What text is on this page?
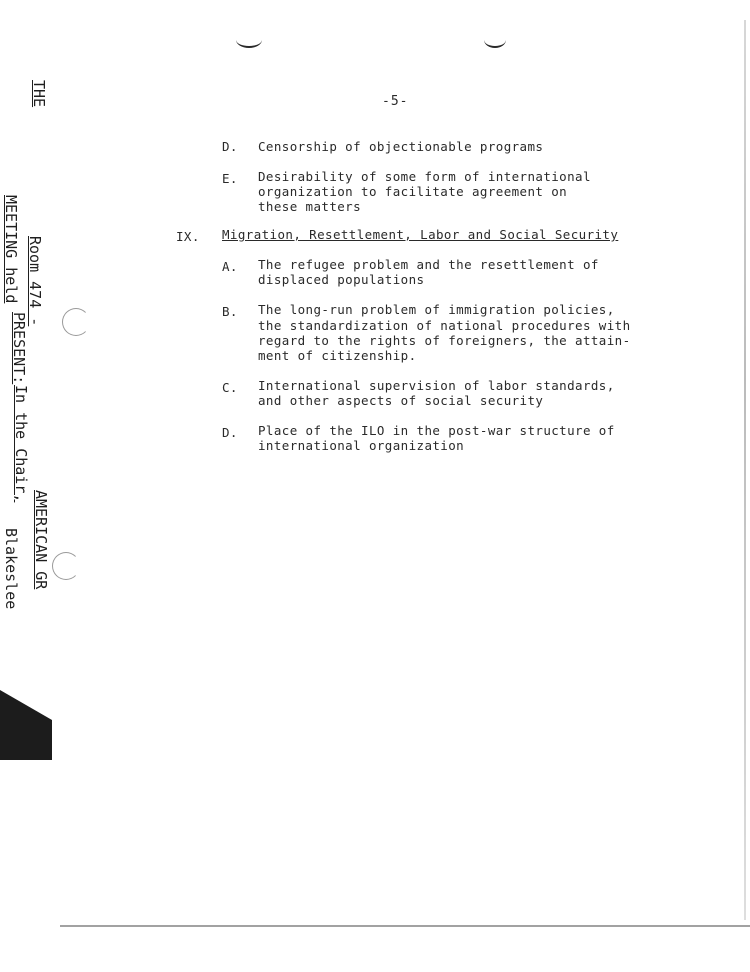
THE
MEETING held Room 474 -
PRESENT:
In the Chair,
AMERICAN GR
Blakeslee
-5-
D. Censorship of objectionable programs
E. Desirability of some form of international
organization to facilitate agreement on
these matters
IX. Migration, Resettlement, Labor and Social Security
A. The refugee problem and the resettlement of
displaced populations
B. The long-run problem of immigration policies,
the standardization of national procedures with
regard to the rights of foreigners, the attain-
ment of citizenship.
C. International supervision of labor standards,
and other aspects of social security
D. Place of the ILO in the post-war structure of
international organization
